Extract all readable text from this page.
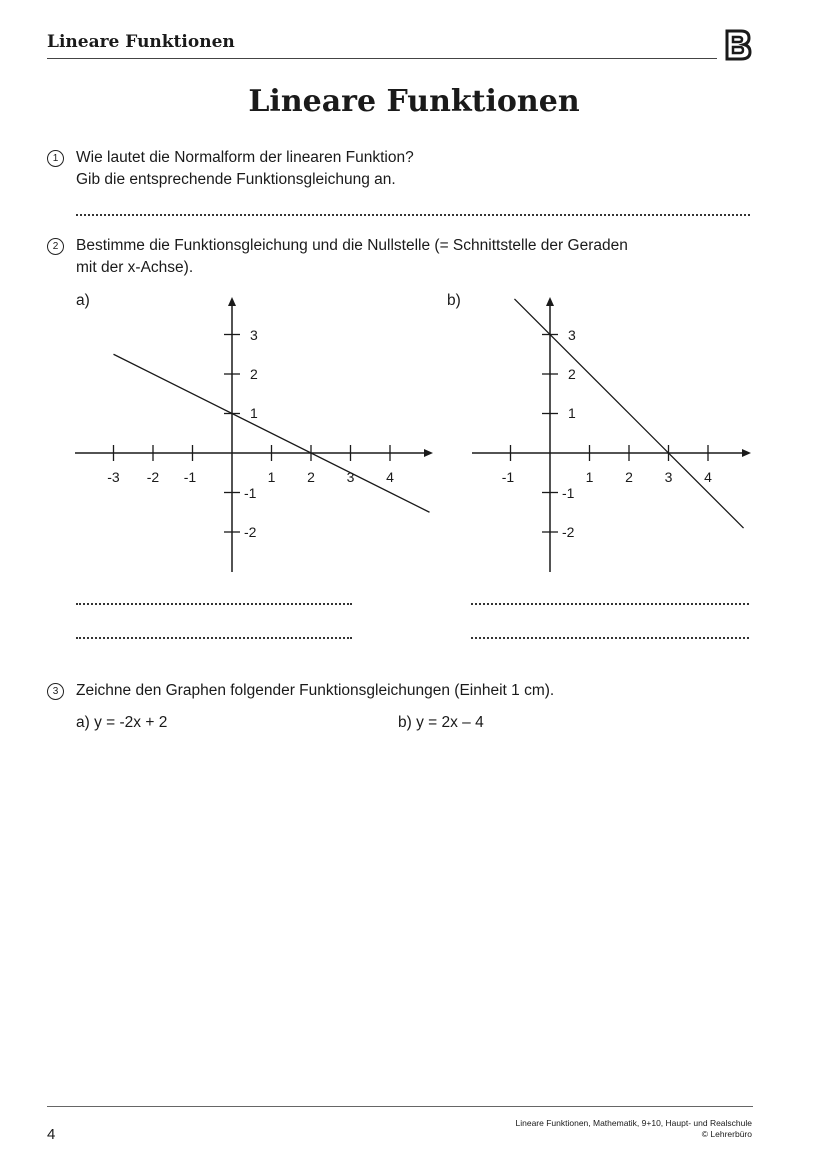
Lineare Funktionen
Lineare Funktionen
1 Wie lautet die Normalform der linearen Funktion?
Gib die entsprechende Funktionsgleichung an.
2 Bestimme die Funktionsgleichung und die Nullstelle (= Schnittstelle der Geraden
mit der x-Achse).
a)	b)
-3 -2 -1	1 2 3 4
3
2
1
-1
-2
-1	1 2 3 4
3
2
1
-1
-2
3 Zeichne den Graphen folgender Funktionsgleichungen (Einheit 1 cm).
a) y = -2x + 2	b) y = 2x – 4
4
Lineare Funktionen, Mathematik, 9+10, Haupt- und Realschule
© Lehrerbüro
